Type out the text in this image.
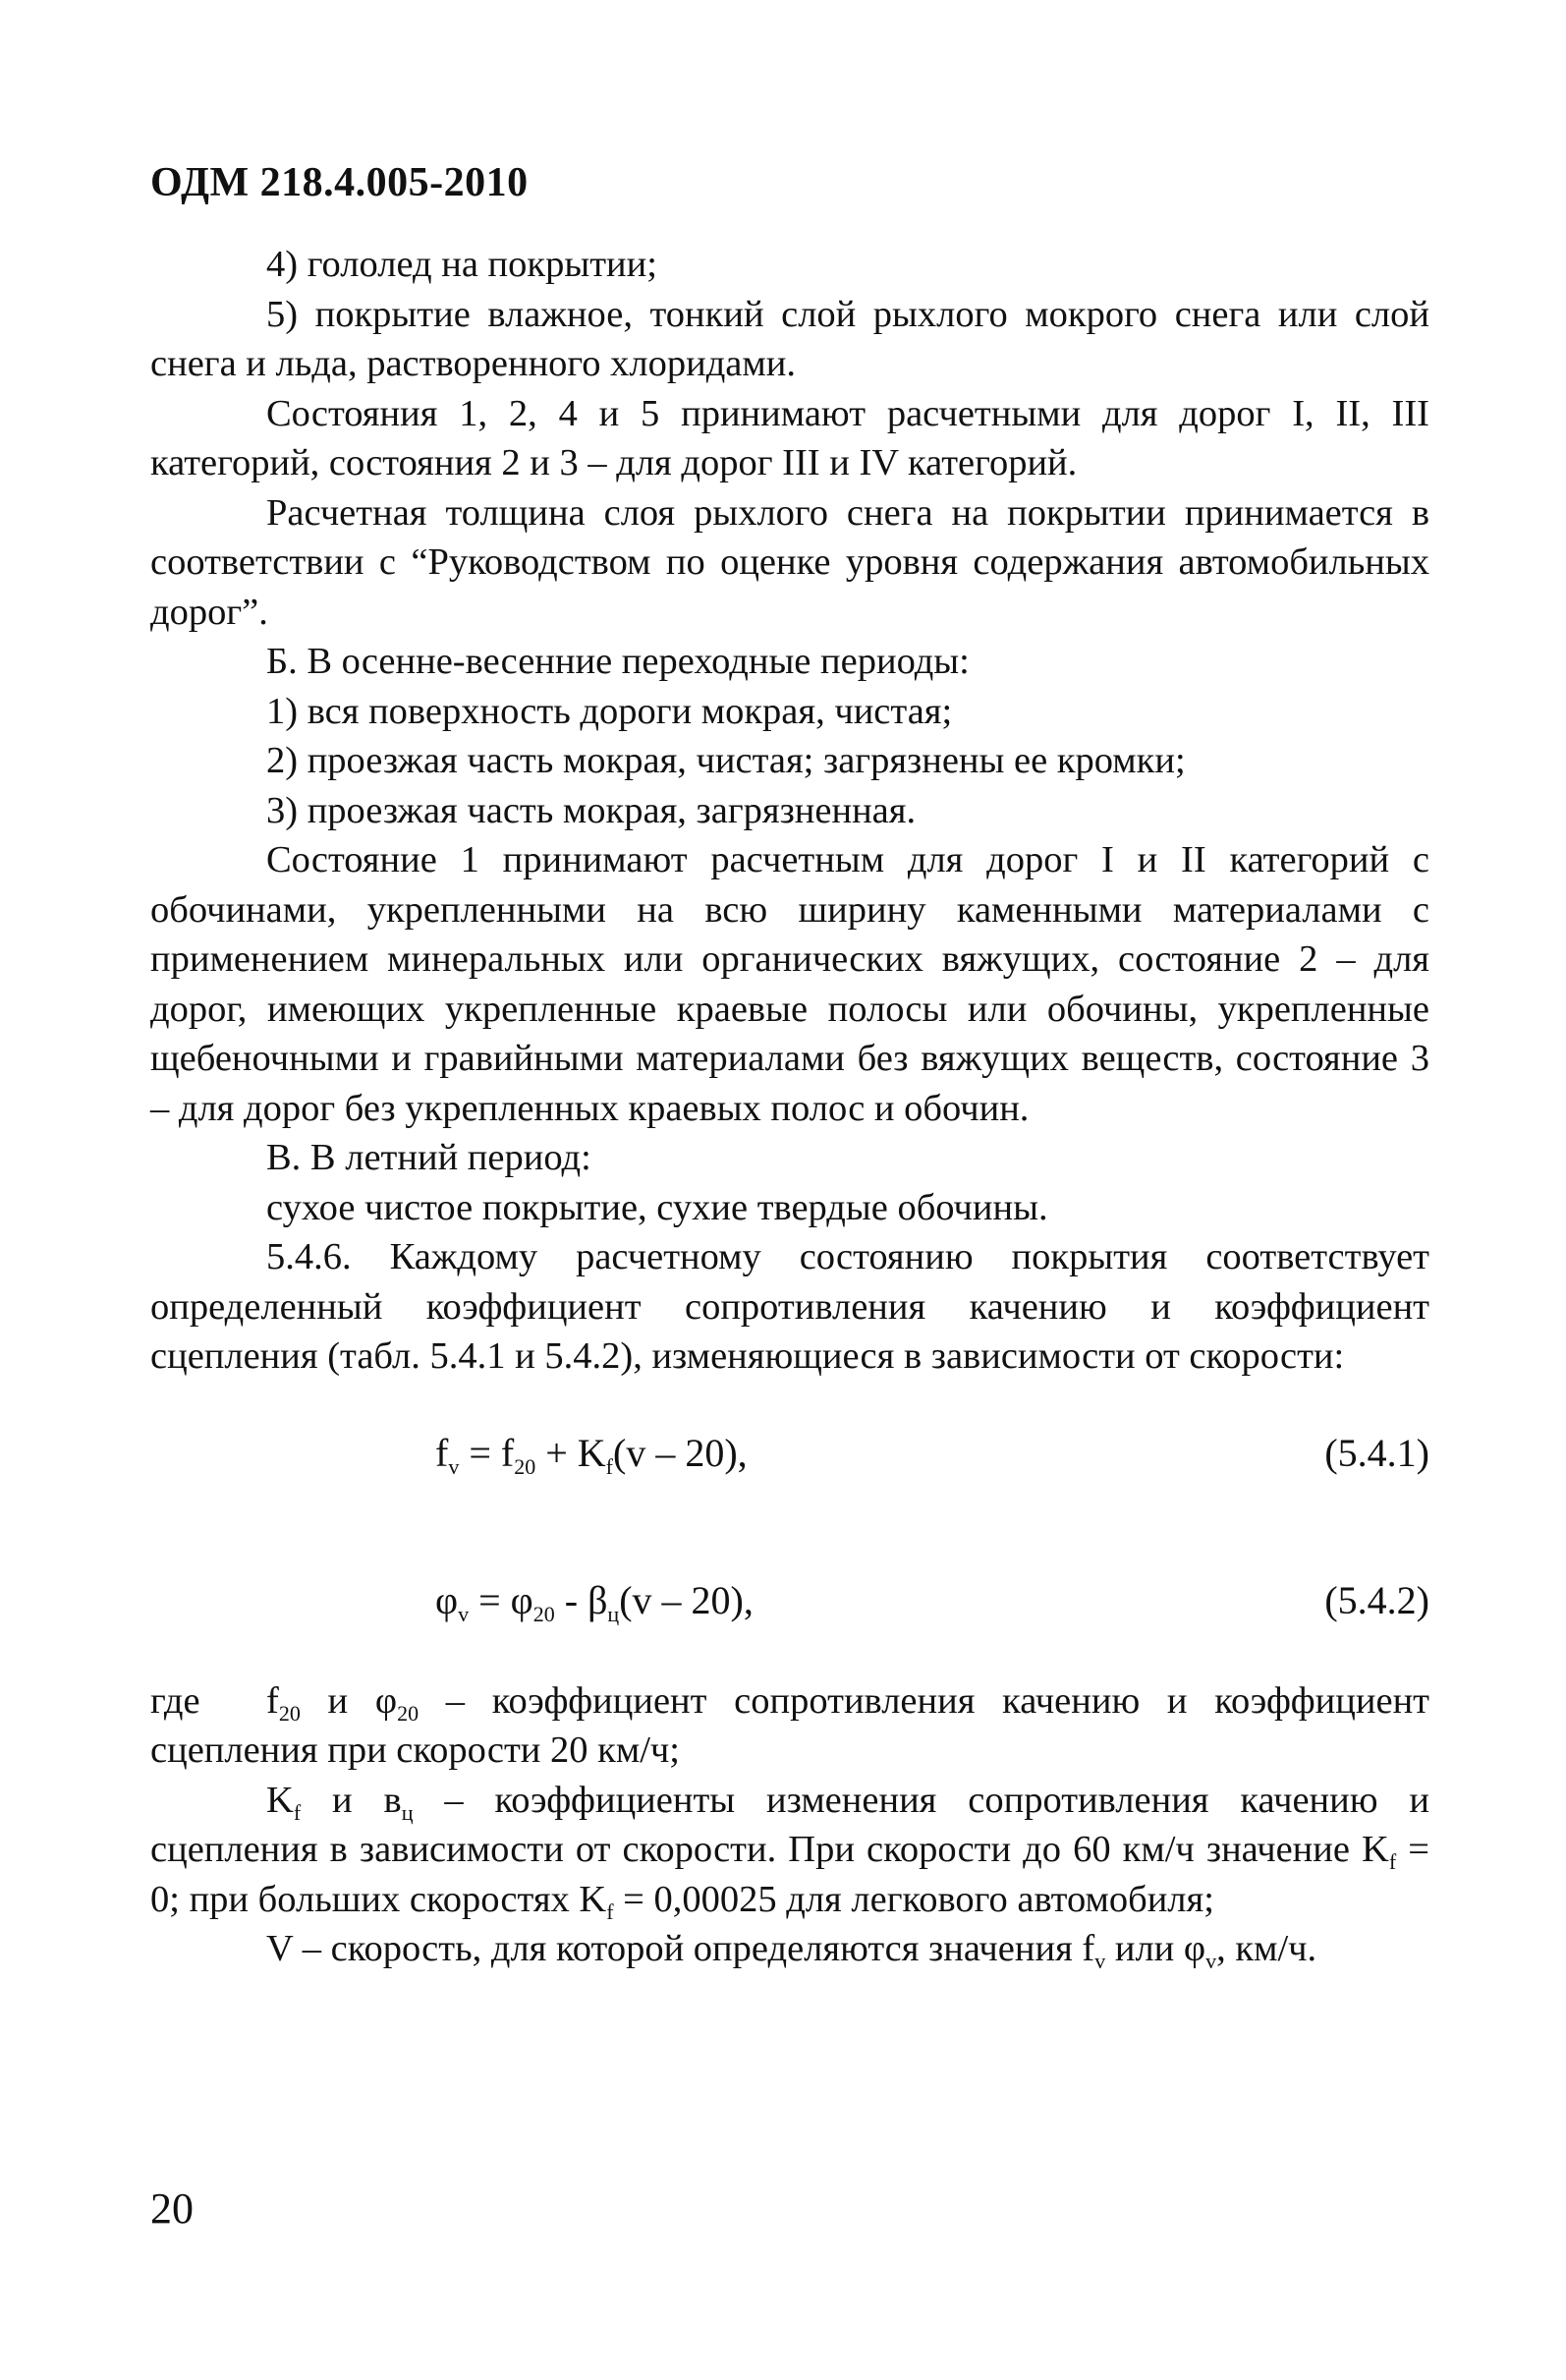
ОДМ 218.4.005-2010

4) гололед на покрытии;

5) покрытие влажное, тонкий слой рыхлого мокрого снега или слой снега и льда, растворенного хлоридами.

Состояния 1, 2, 4 и 5 принимают расчетными для дорог I, II, III категорий, состояния 2 и 3 – для дорог III и IV категорий.

Расчетная толщина слоя рыхлого снега на покрытии принимается в соответствии с “Руководством по оценке уровня содержания автомобильных дорог”.

Б. В осенне-весенние переходные периоды:

1) вся поверхность дороги мокрая, чистая;

2) проезжая часть мокрая, чистая; загрязнены ее кромки;

3) проезжая часть мокрая, загрязненная.

Состояние 1 принимают расчетным для дорог I и II категорий с обочинами, укрепленными на всю ширину каменными материалами с применением минеральных или органических вяжущих, состояние 2 – для дорог, имеющих укрепленные краевые полосы или обочины, укрепленные щебеночными и гравийными материалами без вяжущих веществ, состояние 3 – для дорог без укрепленных краевых полос и обочин.

В. В летний период:

сухое чистое покрытие, сухие твердые обочины.

5.4.6. Каждому расчетному состоянию покрытия соответствует определенный коэффициент сопротивления качению и коэффициент сцепления (табл. 5.4.1 и 5.4.2), изменяющиеся в зависимости от скорости:

$f_v = f_{20} + K_f(v - 20)$,	(5.4.1)
$\varphi_v = \varphi_{20} - \beta_ц(v - 20)$,	(5.4.2)

где $f_{20}$ и $\varphi_{20}$ – коэффициент сопротивления качению и коэффициент сцепления при скорости 20 км/ч;

$K_f$ и $в_ц$ – коэффициенты изменения сопротивления качению и сцепления в зависимости от скорости. При скорости до 60 км/ч значение $K_f = 0$; при больших скоростях $K_f = 0,00025$ для легкового автомобиля;

V – скорость, для которой определяются значения $f_v$ или $\varphi_v$, км/ч.

20
